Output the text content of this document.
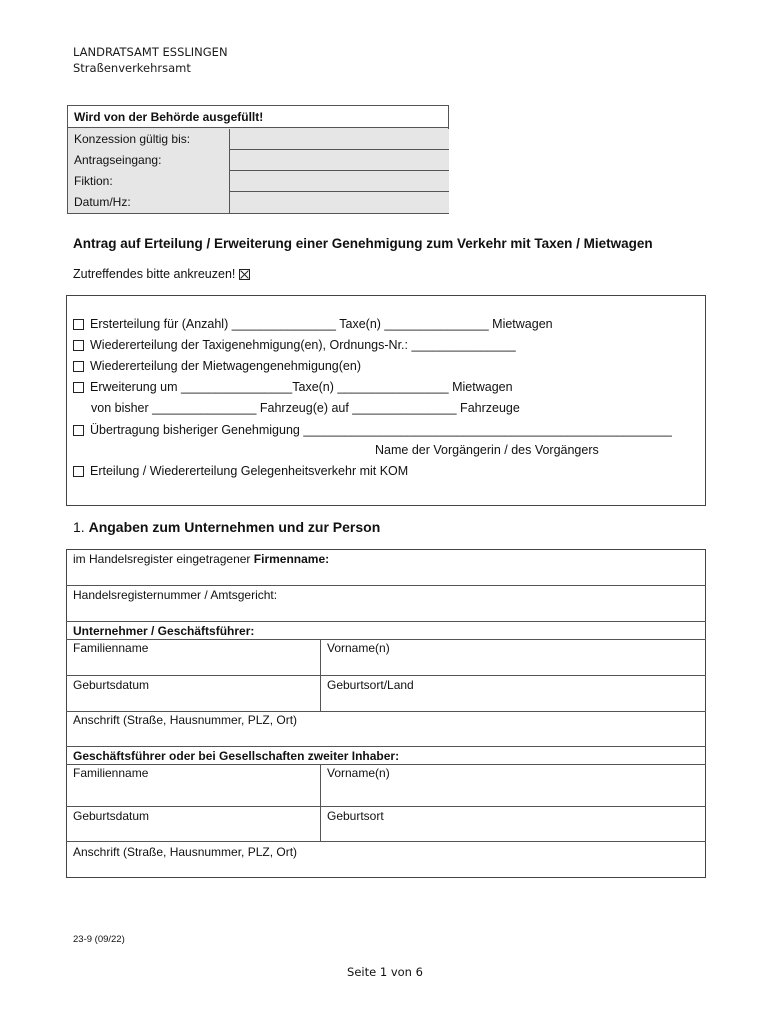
LANDRATSAMT ESSLINGEN
Straßenverkehrsamt
Wird von der Behörde ausgefüllt!
Konzession gültig bis:
Antragseingang:
Fiktion:
Datum/Hz:
Antrag auf Erteilung / Erweiterung einer Genehmigung zum Verkehr mit Taxen / Mietwagen
Zutreffendes bitte ankreuzen!
Ersterteilung für (Anzahl) _______________ Taxe(n) _______________ Mietwagen
Wiedererteilung der Taxigenehmigung(en), Ordnungs-Nr.: _______________
Wiedererteilung der Mietwagengenehmigung(en)
Erweiterung um ________________Taxe(n) ________________ Mietwagen
von bisher _______________ Fahrzeug(e) auf _______________ Fahrzeuge
Übertragung bisheriger Genehmigung _____________________________________________________
Name der Vorgängerin / des Vorgängers
Erteilung / Wiedererteilung Gelegenheitsverkehr mit KOM
1. Angaben zum Unternehmen und zur Person
im Handelsregister eingetragener Firmenname:
Handelsregisternummer / Amtsgericht:
Unternehmer / Geschäftsführer:
Familienname	Vorname(n)
Geburtsdatum	Geburtsort/Land
Anschrift (Straße, Hausnummer, PLZ, Ort)
Geschäftsführer oder bei Gesellschaften zweiter Inhaber:
Familienname	Vorname(n)
Geburtsdatum	Geburtsort
Anschrift (Straße, Hausnummer, PLZ, Ort)
23-9 (09/22)
Seite 1 von 6
